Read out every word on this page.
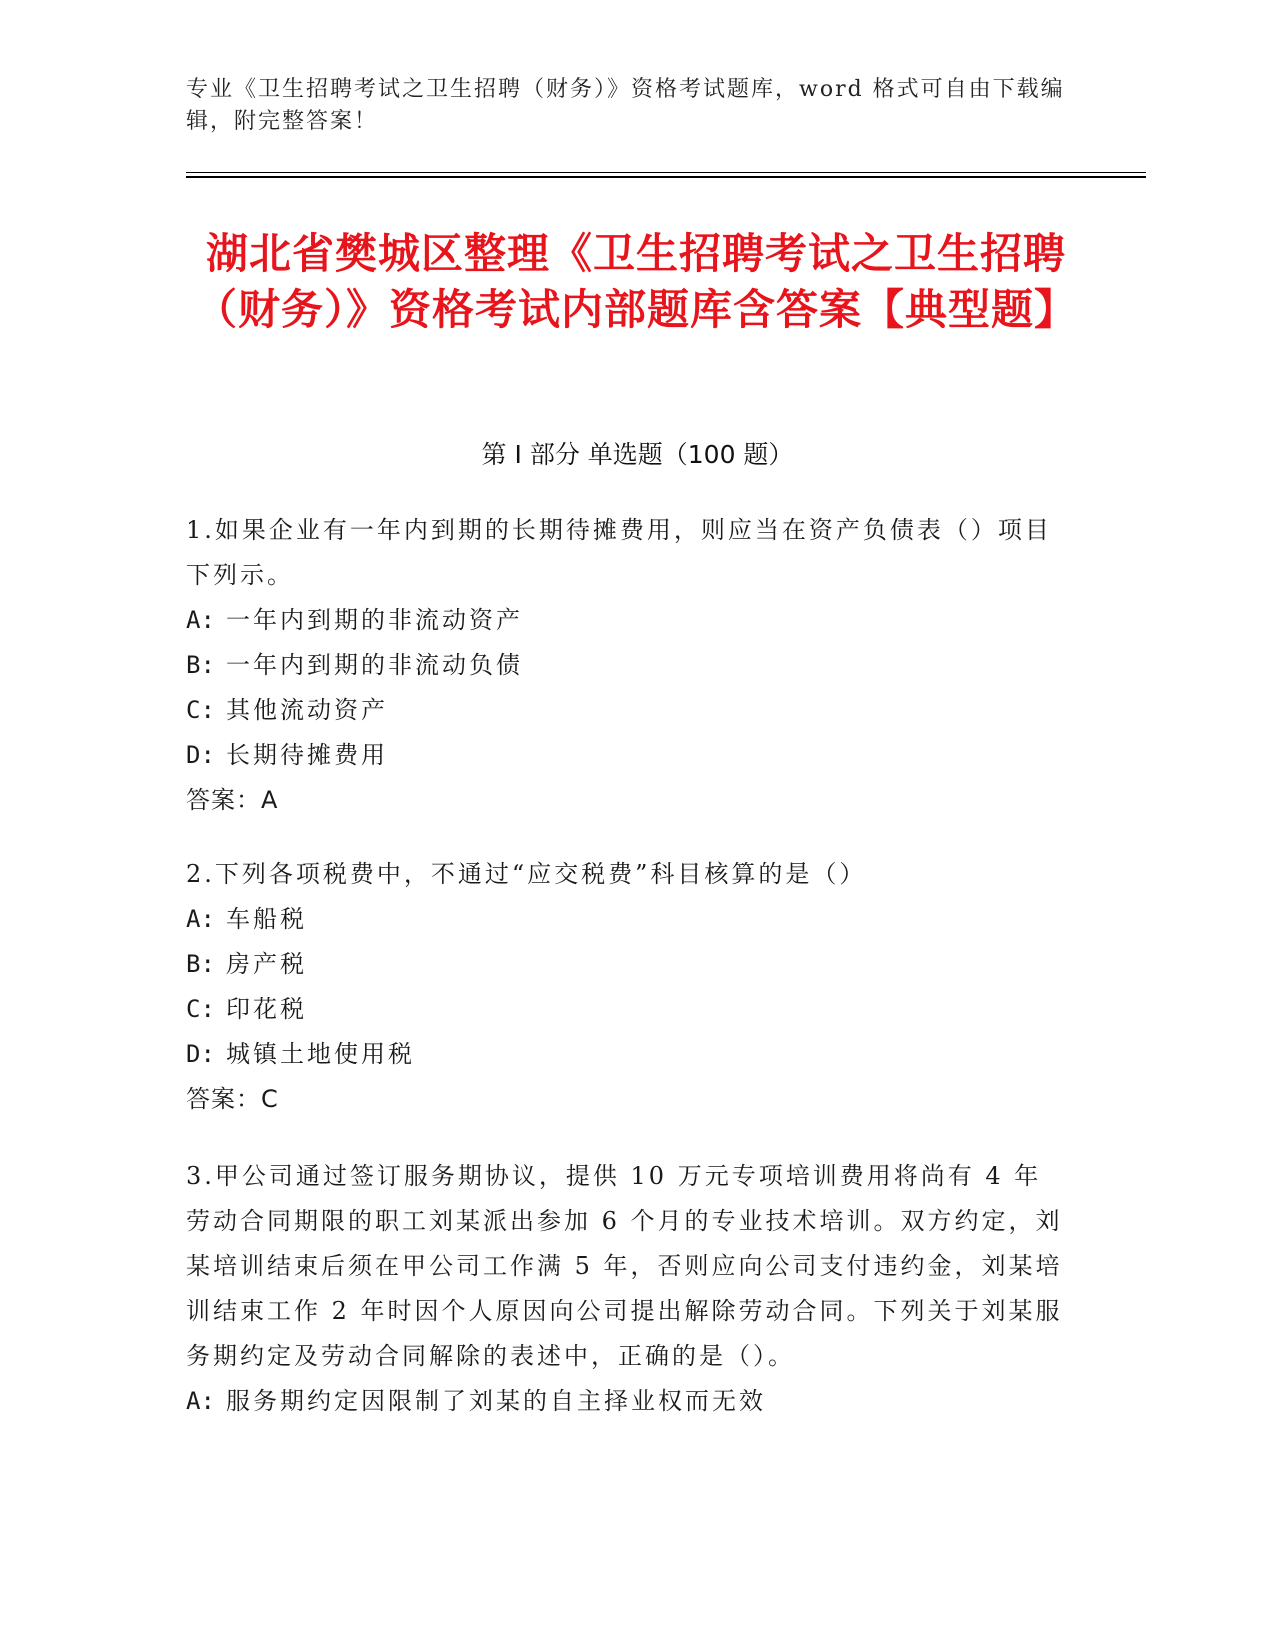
专业《卫生招聘考试之卫生招聘（财务）》资格考试题库，word 格式可自由下载编辑，附完整答案！
湖北省樊城区整理《卫生招聘考试之卫生招聘（财务）》资格考试内部题库含答案【典型题】
第 I 部分 单选题（100 题）
1.如果企业有一年内到期的长期待摊费用，则应当在资产负债表（）项目下列示。
A: 一年内到期的非流动资产
B: 一年内到期的非流动负债
C: 其他流动资产
D: 长期待摊费用
答案：A
2.下列各项税费中，不通过“应交税费”科目核算的是（）
A: 车船税
B: 房产税
C: 印花税
D: 城镇土地使用税
答案：C
3.甲公司通过签订服务期协议，提供 10 万元专项培训费用将尚有 4 年劳动合同期限的职工刘某派出参加 6 个月的专业技术培训。双方约定，刘某培训结束后须在甲公司工作满 5 年，否则应向公司支付违约金，刘某培训结束工作 2 年时因个人原因向公司提出解除劳动合同。下列关于刘某服务期约定及劳动合同解除的表述中，正确的是（）。
A: 服务期约定因限制了刘某的自主择业权而无效
